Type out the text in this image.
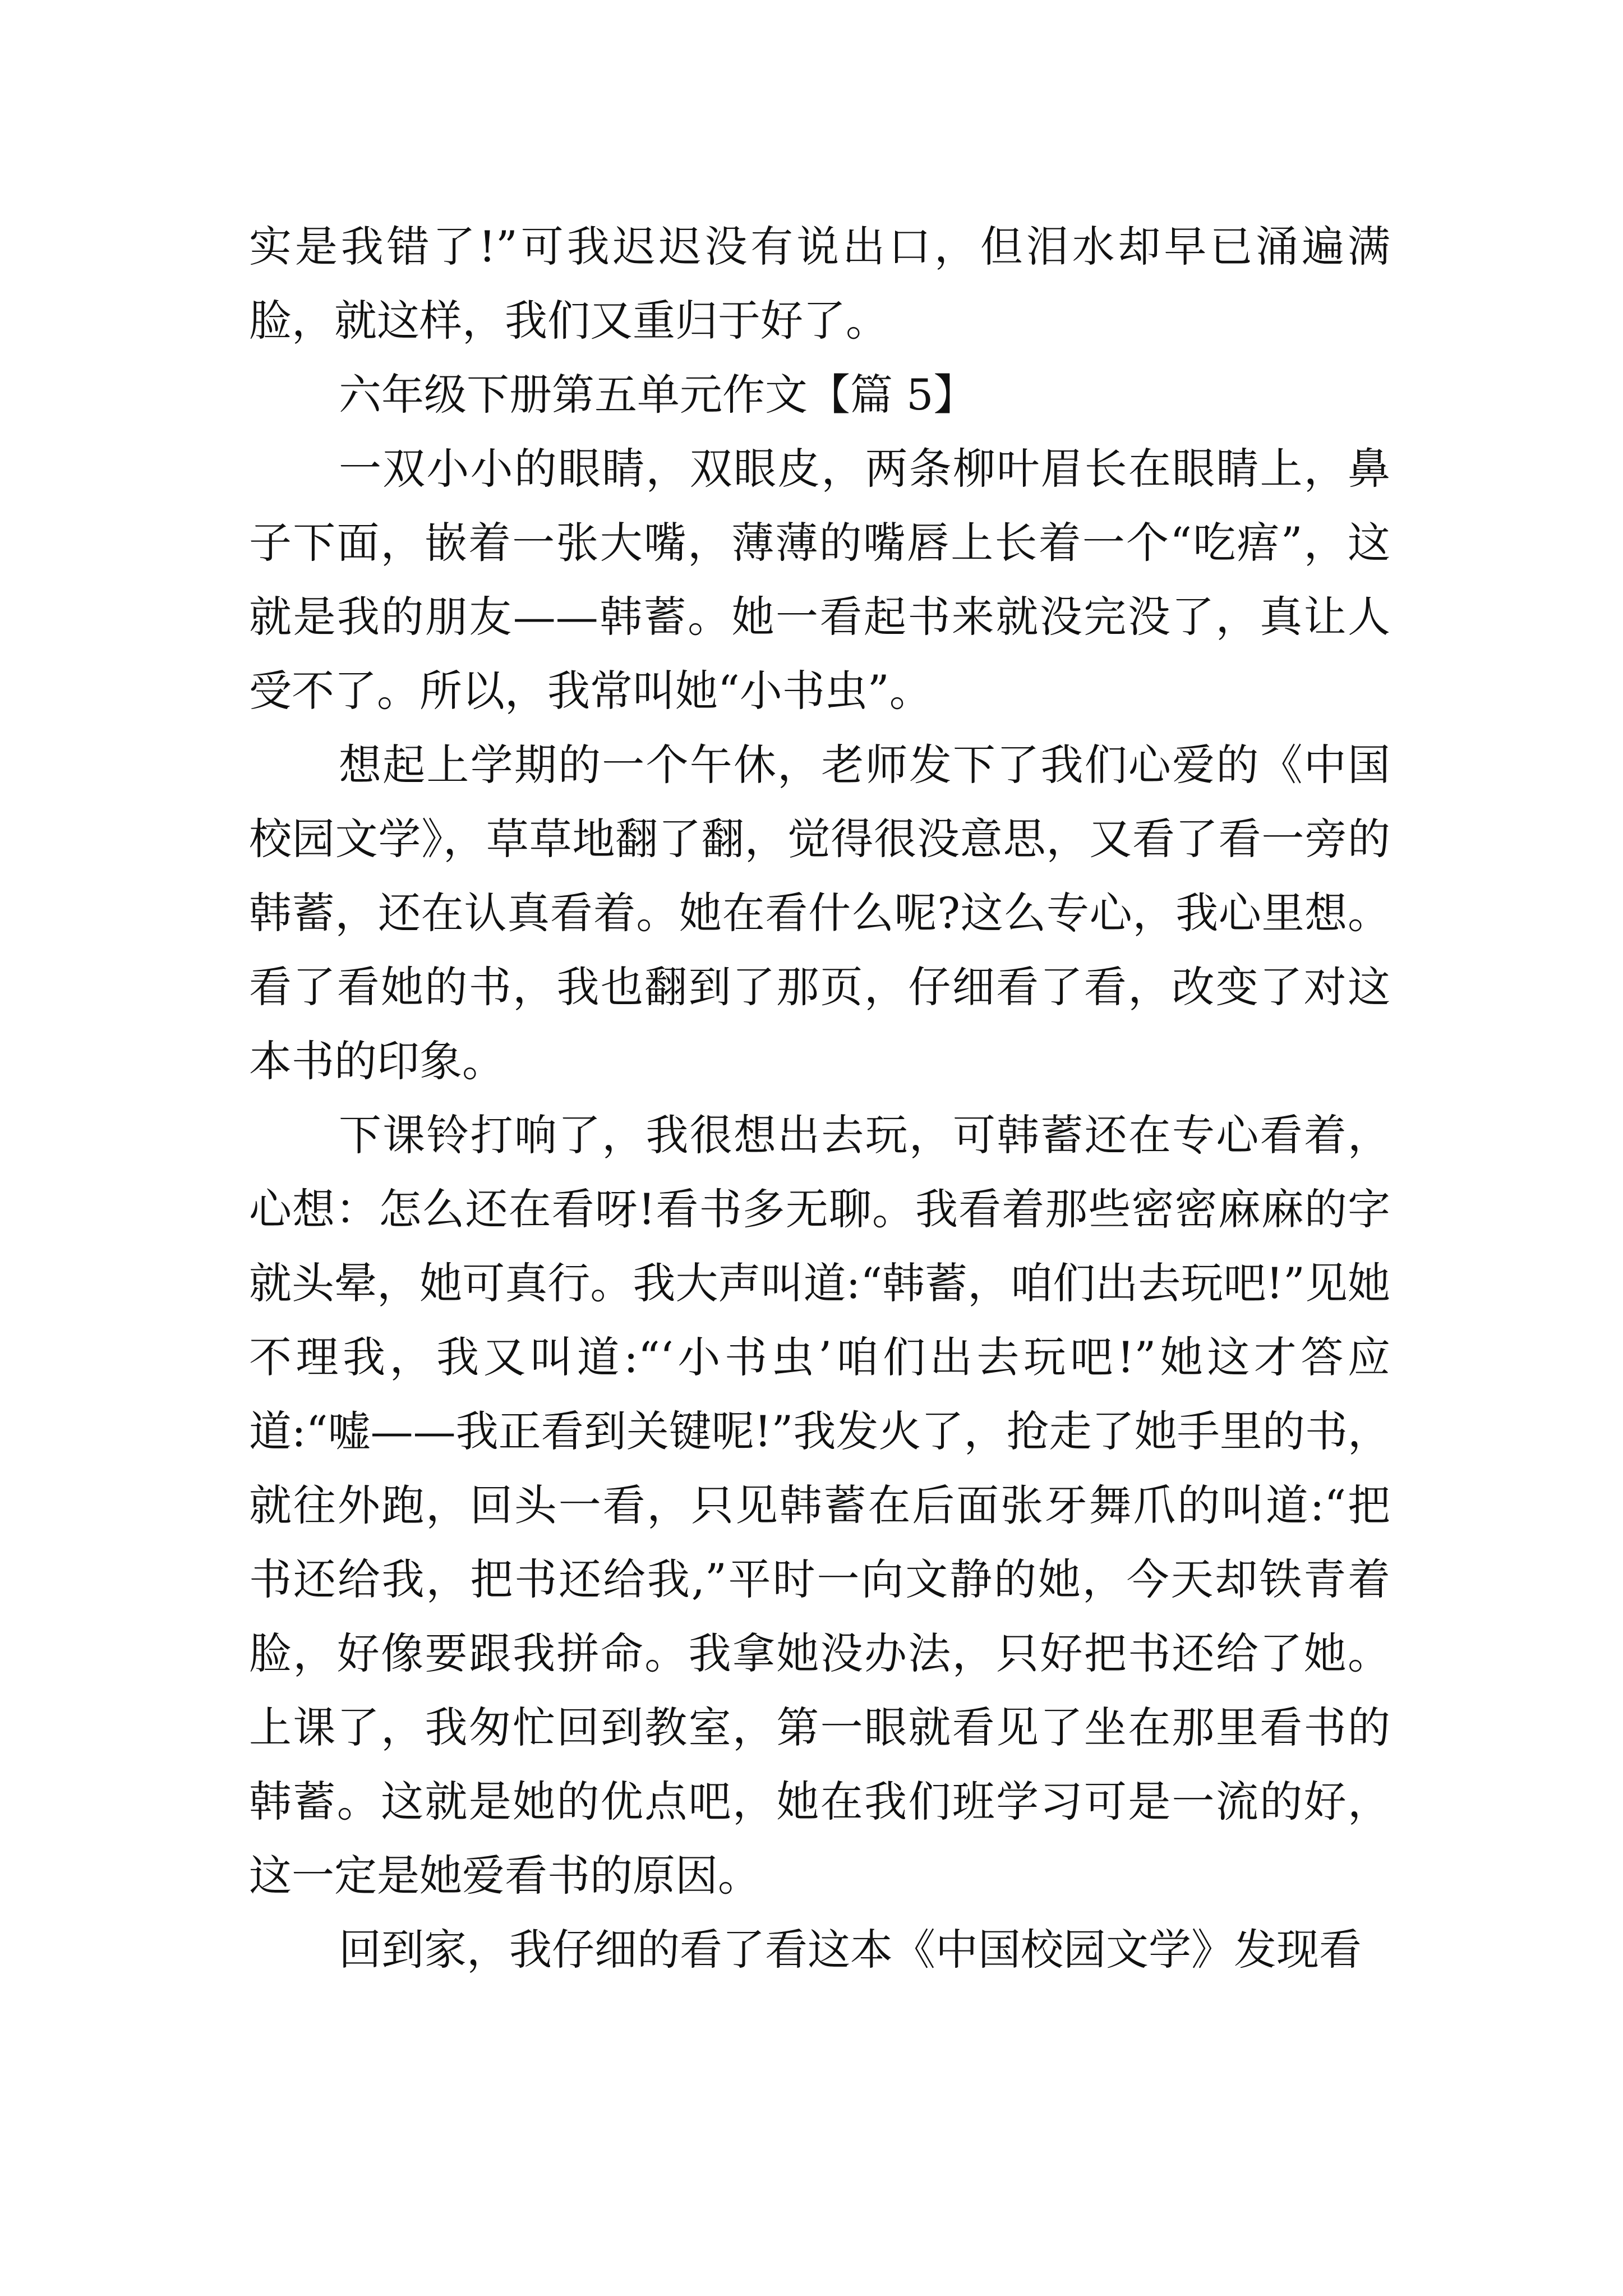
实是我错了!”可我迟迟没有说出口，但泪水却早已涌遍满脸，就这样，我们又重归于好了。

六年级下册第五单元作文【篇 5】

一双小小的眼睛，双眼皮，两条柳叶眉长在眼睛上，鼻子下面，嵌着一张大嘴，薄薄的嘴唇上长着一个“吃痦”，这就是我的朋友——韩蓄。她一看起书来就没完没了，真让人受不了。所以，我常叫她“小书虫”。

想起上学期的一个午休，老师发下了我们心爱的《中国校园文学》，草草地翻了翻，觉得很没意思，又看了看一旁的韩蓄，还在认真看着。她在看什么呢?这么专心，我心里想。看了看她的书，我也翻到了那页，仔细看了看，改变了对这本书的印象。

下课铃打响了，我很想出去玩，可韩蓄还在专心看着，心想：怎么还在看呀!看书多无聊。我看着那些密密麻麻的字就头晕，她可真行。我大声叫道:“韩蓄，咱们出去玩吧!”见她不理我，我又叫道:“‘小书虫’咱们出去玩吧!”她这才答应道:“嘘——我正看到关键呢!”我发火了，抢走了她手里的书，就往外跑，回头一看，只见韩蓄在后面张牙舞爪的叫道:“把书还给我，把书还给我,”平时一向文静的她，今天却铁青着脸，好像要跟我拼命。我拿她没办法，只好把书还给了她。上课了，我匆忙回到教室，第一眼就看见了坐在那里看书的韩蓄。这就是她的优点吧，她在我们班学习可是一流的好，这一定是她爱看书的原因。

回到家，我仔细的看了看这本《中国校园文学》发现看
